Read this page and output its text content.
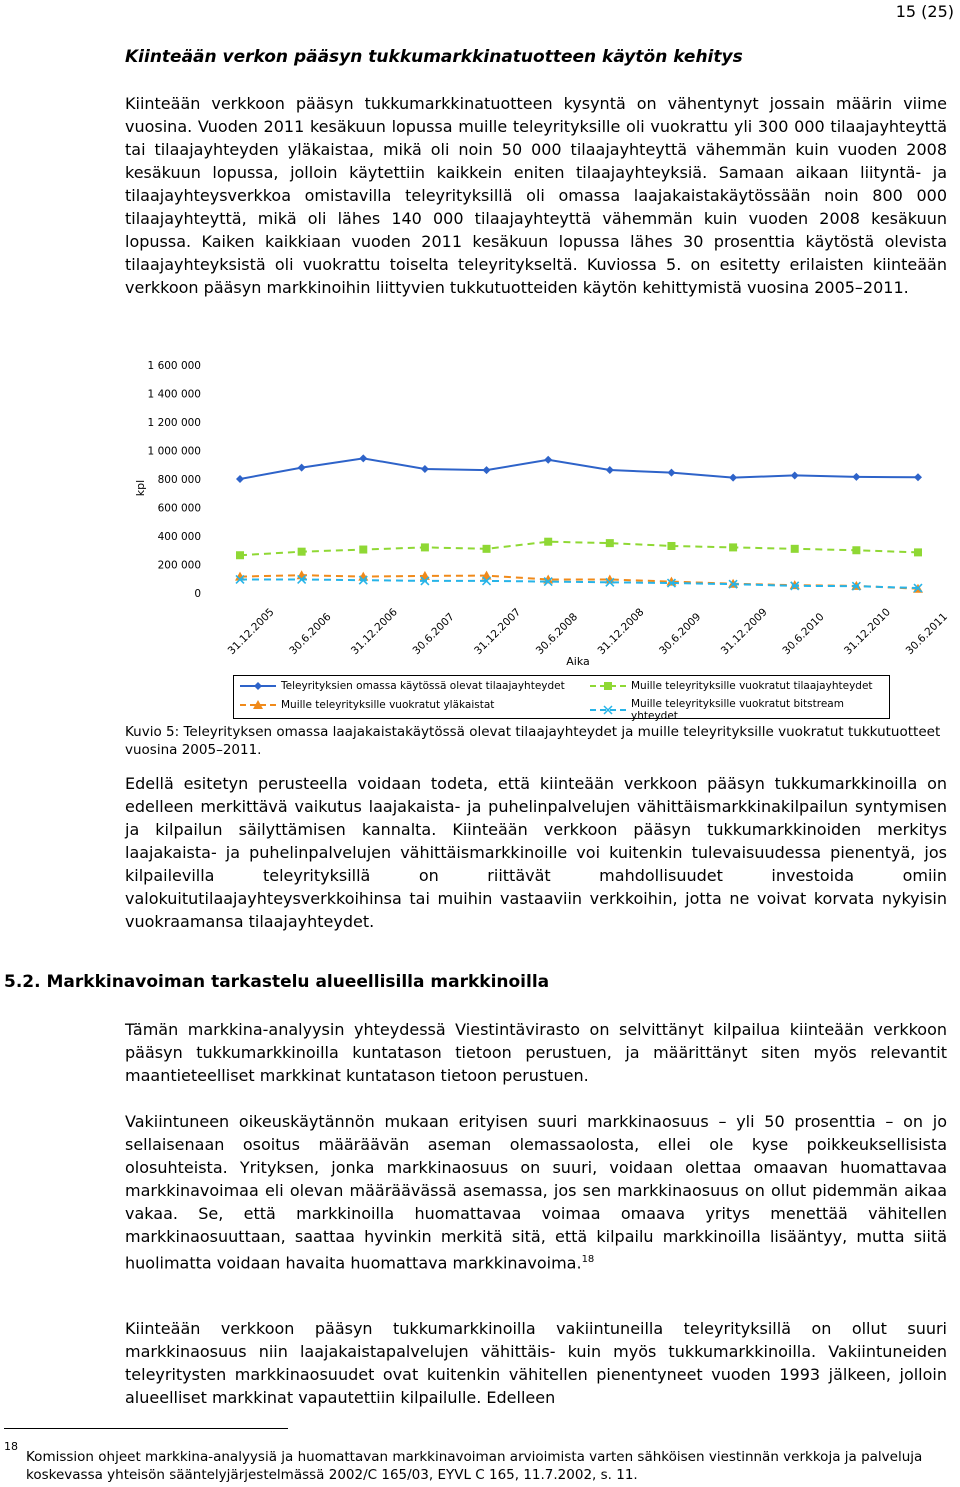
15 (25)
Kiinteään verkon pääsyn tukkumarkkinatuotteen käytön kehitys

Kiinteään verkkoon pääsyn tukkumarkkinatuotteen kysyntä on vähentynyt jossain määrin viime vuosina. Vuoden 2011 kesäkuun lopussa muille teleyrityksille oli vuokrattu yli 300 000 tilaajayhteyttä tai tilaajayhteyden yläkaistaa, mikä oli noin 50 000 tilaajayhteyttä vähemmän kuin vuoden 2008 kesäkuun lopussa, jolloin käytettiin kaikkein eniten tilaajayhteyksiä. Samaan aikaan liityntä- ja tilaajayhteysverkkoa omistavilla teleyrityksillä oli omassa laajakaistakäytössään noin 800 000 tilaajayhteyttä, mikä oli lähes 140 000 tilaajayhteyttä vähemmän kuin vuoden 2008 kesäkuun lopussa. Kaiken kaikkiaan vuoden 2011 kesäkuun lopussa lähes 30 prosenttia käytöstä olevista tilaajayhteyksistä oli vuokrattu toiselta teleyritykseltä. Kuviossa 5. on esitetty erilaisten kiinteään verkkoon pääsyn markkinoihin liittyvien tukkutuotteiden käytön kehittymistä vuosina 2005–2011.

1 600 000
1 400 000
1 200 000
1 000 000
800 000
600 000
400 000
200 000
0
kpl
31.12.2005 30.6.2006 31.12.2006 30.6.2007 31.12.2007 30.6.2008 31.12.2008 30.6.2009 31.12.2009 30.6.2010 31.12.2010 30.6.2011
Aika
Teleyrityksien omassa käytössä olevat tilaajayhteydet	Muille teleyrityksille vuokratut tilaajayhteydet
Muille teleyrityksille vuokratut yläkaistat	Muille teleyrityksille vuokratut bitstream yhteydet

Kuvio 5: Teleyrityksen omassa laajakaistakäytössä olevat tilaajayhteydet ja muille teleyrityksille vuokratut tukkutuotteet vuosina 2005–2011.

Edellä esitetyn perusteella voidaan todeta, että kiinteään verkkoon pääsyn tukkumarkkinoilla on edelleen merkittävä vaikutus laajakaista- ja puhelinpalvelujen vähittäismarkkinakilpailun syntymisen ja kilpailun säilyttämisen kannalta. Kiinteään verkkoon pääsyn tukkumarkkinoiden merkitys laajakaista- ja puhelinpalvelujen vähittäismarkkinoille voi kuitenkin tulevaisuudessa pienentyä, jos kilpailevilla teleyrityksillä on riittävät mahdollisuudet investoida omiin valokuitutilaajayhteysverkkoihinsa tai muihin vastaaviin verkkoihin, jotta ne voivat korvata nykyisin vuokraamansa tilaajayhteydet.

5.2. Markkinavoiman tarkastelu alueellisilla markkinoilla

Tämän markkina-analyysin yhteydessä Viestintävirasto on selvittänyt kilpailua kiinteään verkkoon pääsyn tukkumarkkinoilla kuntatason tietoon perustuen, ja määrittänyt siten myös relevantit maantieteelliset markkinat kuntatason tietoon perustuen.

Vakiintuneen oikeuskäytännön mukaan erityisen suuri markkinaosuus – yli 50 prosenttia – on jo sellaisenaan osoitus määräävän aseman olemassaolosta, ellei ole kyse poikkeuksellisista olosuhteista. Yrityksen, jonka markkinaosuus on suuri, voidaan olettaa omaavan huomattavaa markkinavoimaa eli olevan määräävässä asemassa, jos sen markkinaosuus on ollut pidemmän aikaa vakaa. Se, että markkinoilla huomattavaa voimaa omaava yritys menettää vähitellen markkinaosuuttaan, saattaa hyvinkin merkitä sitä, että kilpailu markkinoilla lisääntyy, mutta siitä huolimatta voidaan havaita huomattava markkinavoima.$^{18}$

Kiinteään verkkoon pääsyn tukkumarkkinoilla vakiintuneilla teleyrityksillä on ollut suuri markkinaosuus niin laajakaistapalvelujen vähittäis- kuin myös tukkumarkkinoilla. Vakiintuneiden teleyritysten markkinaosuudet ovat kuitenkin vähitellen pienentyneet vuoden 1993 jälkeen, jolloin alueelliset markkinat vapautettiin kilpailulle. Edelleen

18

Komission ohjeet markkina-analyysiä ja huomattavan markkinavoiman arvioimista varten sähköisen viestinnän verkkoja ja palveluja koskevassa yhteisön sääntelyjärjestelmässä 2002/C 165/03, EYVL C 165, 11.7.2002, s. 11.
